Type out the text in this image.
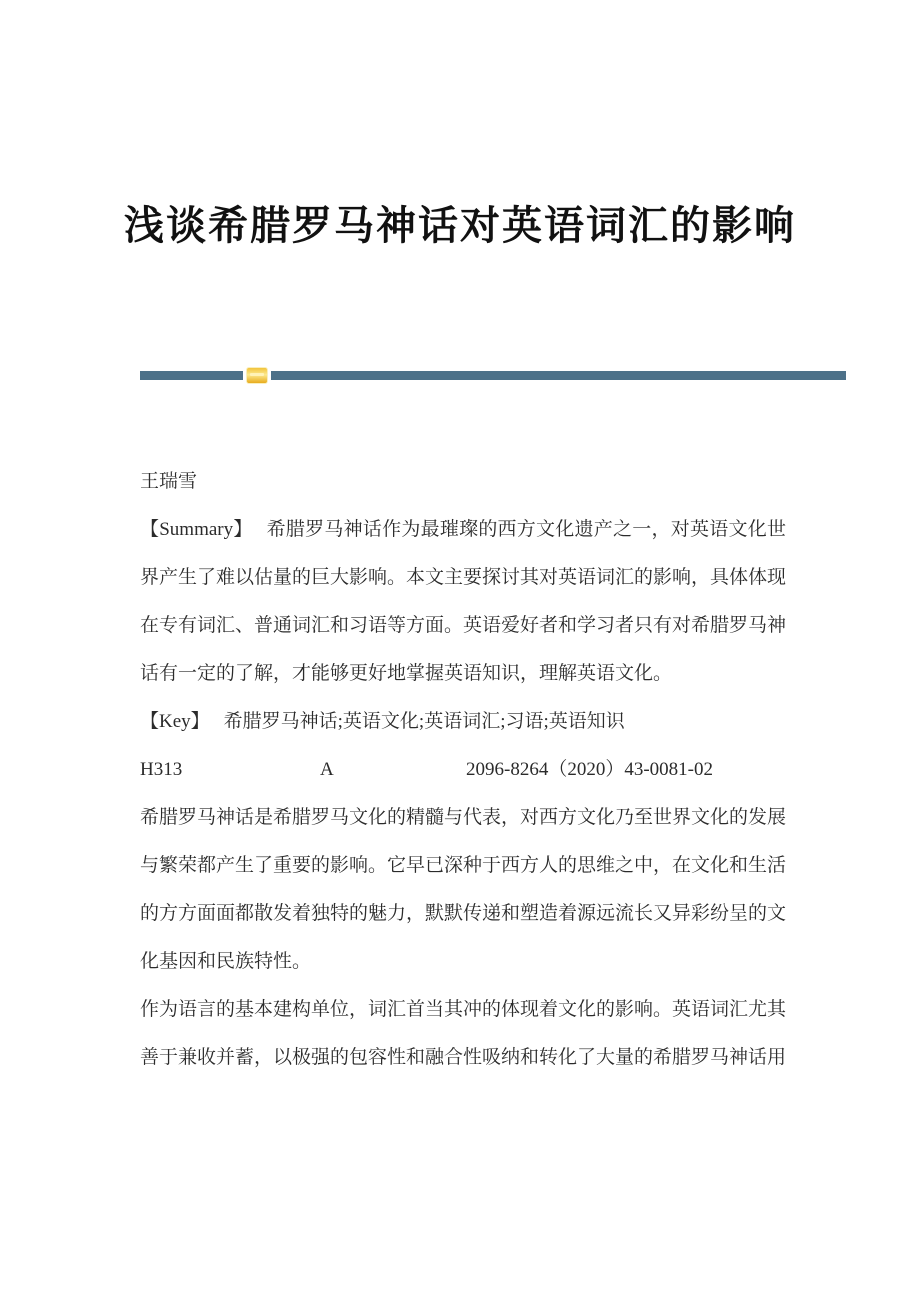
浅谈希腊罗马神话对英语词汇的影响

王瑞雪

【Summary】 希腊罗马神话作为最璀璨的西方文化遗产之一，对英语文化世界产生了难以估量的巨大影响。本文主要探讨其对英语词汇的影响，具体体现在专有词汇、普通词汇和习语等方面。英语爱好者和学习者只有对希腊罗马神话有一定的了解，才能够更好地掌握英语知识，理解英语文化。

【Key】 希腊罗马神话;英语文化;英语词汇;习语;英语知识

H313	A	2096-8264（2020）43-0081-02

希腊罗马神话是希腊罗马文化的精髓与代表，对西方文化乃至世界文化的发展与繁荣都产生了重要的影响。它早已深种于西方人的思维之中，在文化和生活的方方面面都散发着独特的魅力，默默传递和塑造着源远流长又异彩纷呈的文化基因和民族特性。

作为语言的基本建构单位，词汇首当其冲的体现着文化的影响。英语词汇尤其善于兼收并蓄，以极强的包容性和融合性吸纳和转化了大量的希腊罗马神话用
